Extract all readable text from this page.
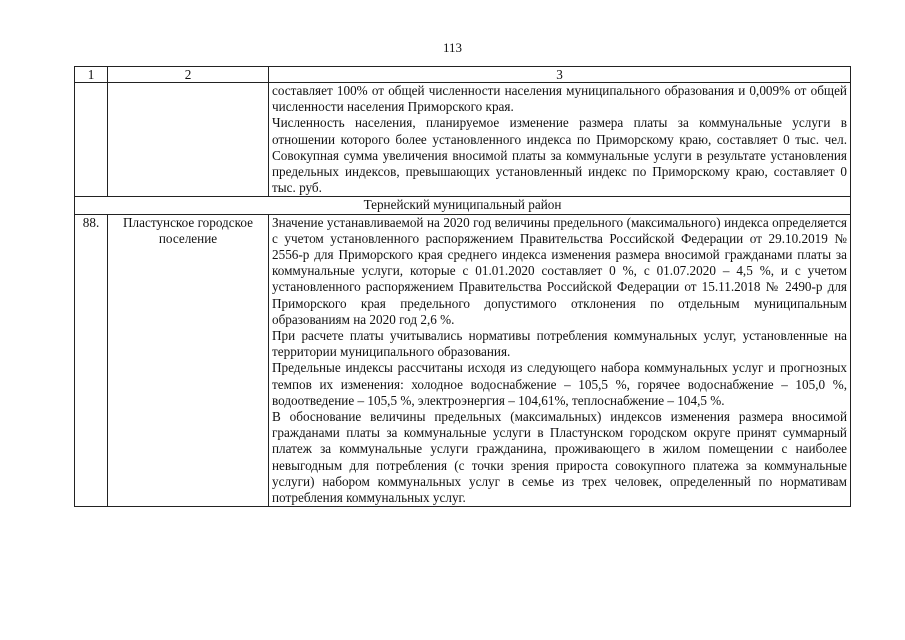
113
1	2	3

		составляет 100% от общей численности населения муниципального образования и 0,009% от общей численности населения Приморского края.

Численность населения, планируемое изменение размера платы за коммунальные услуги в отношении которого более установленного индекса по Приморскому краю, составляет 0 тыс. чел. Совокупная сумма увеличения вносимой платы за коммунальные услуги в результате установления предельных индексов, превышающих установленный индекс по Приморскому краю, составляет 0 тыс. руб.

Тернейский муниципальный район		
88.	Пластунское городское поселение	Значение устанавливаемой на 2020 год величины предельного (максимального) индекса определяется с учетом установленного распоряжением Правительства Российской Федерации от 29.10.2019 № 2556-р для Приморского края среднего индекса изменения размера вносимой гражданами платы за коммунальные услуги, которые с 01.01.2020 составляет 0 %, с 01.07.2020 – 4,5 %, и с учетом установленного распоряжением Правительства Российской Федерации от 15.11.2018 № 2490-р для Приморского края предельного допустимого отклонения по отдельным муниципальным образованиям на 2020 год 2,6 %.

При расчете платы учитывались нормативы потребления коммунальных услуг, установленные на территории муниципального образования.

Предельные индексы рассчитаны исходя из следующего набора коммунальных услуг и прогнозных темпов их изменения: холодное водоснабжение – 105,5 %, горячее водоснабжение – 105,0 %, водоотведение – 105,5 %, электроэнергия – 104,61%, теплоснабжение – 104,5 %.

В обоснование величины предельных (максимальных) индексов изменения размера вносимой гражданами платы за коммунальные услуги в Пластунском городском округе принят суммарный платеж за коммунальные услуги гражданина, проживающего в жилом помещении с наиболее невыгодным для потребления (с точки зрения прироста совокупного платежа за коммунальные услуги) набором коммунальных услуг в семье из трех человек, определенный по нормативам потребления коммунальных услуг.
